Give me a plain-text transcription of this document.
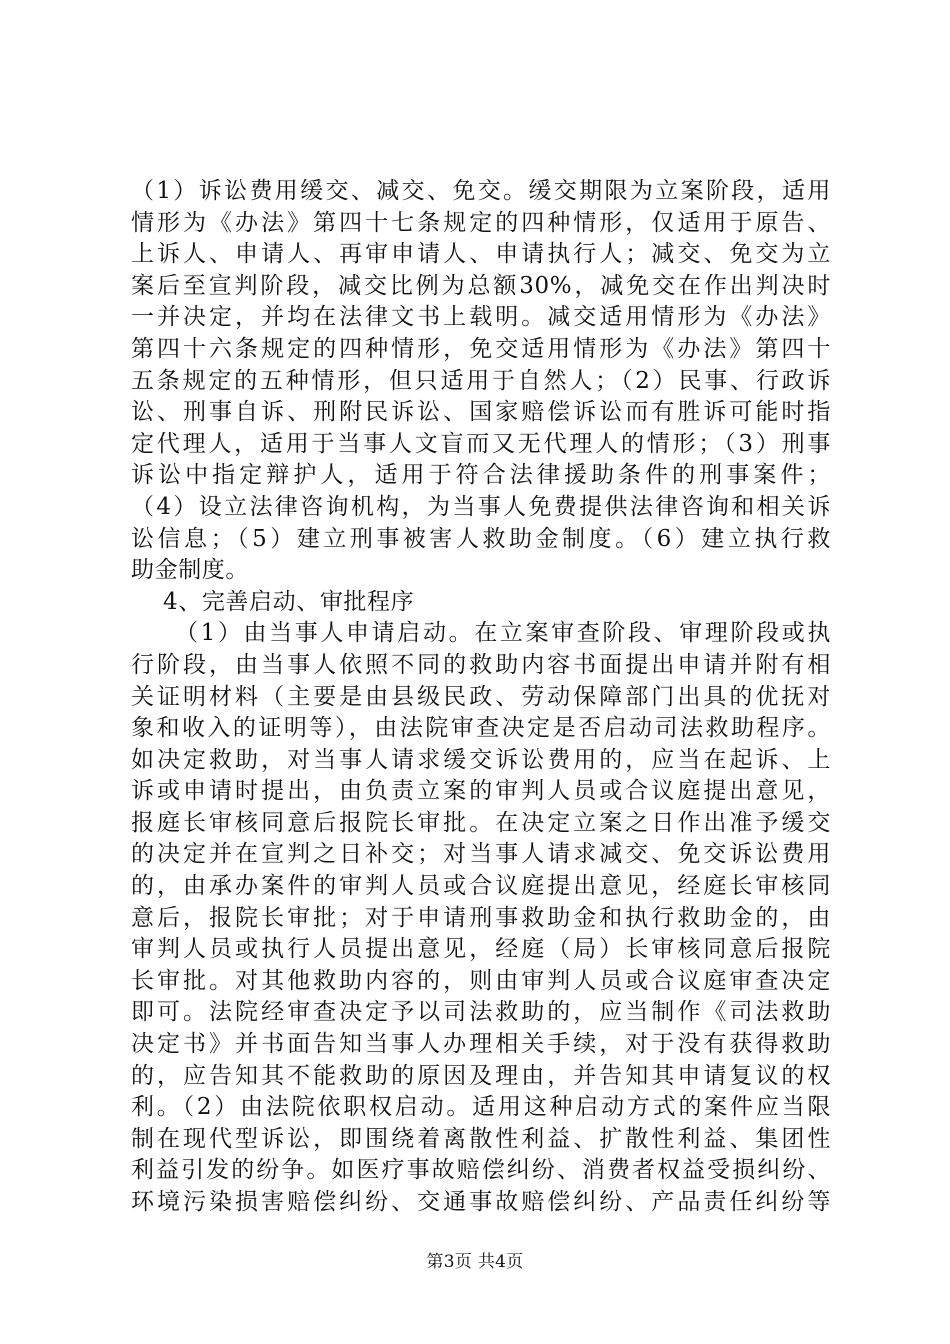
（1）诉讼费用缓交、减交、免交。缓交期限为立案阶段，适用
情形为《办法》第四十七条规定的四种情形，仅适用于原告、
上诉人、申请人、再审申请人、申请执行人；减交、免交为立
案后至宣判阶段，减交比例为总额30%，减免交在作出判决时
一并决定，并均在法律文书上载明。减交适用情形为《办法》
第四十六条规定的四种情形，免交适用情形为《办法》第四十
五条规定的五种情形，但只适用于自然人；（2）民事、行政诉
讼、刑事自诉、刑附民诉讼、国家赔偿诉讼而有胜诉可能时指
定代理人，适用于当事人文盲而又无代理人的情形；（3）刑事
诉讼中指定辩护人，适用于符合法律援助条件的刑事案件；
（4）设立法律咨询机构，为当事人免费提供法律咨询和相关诉
讼信息；（5）建立刑事被害人救助金制度。（6）建立执行救
助金制度。
4、完善启动、审批程序
（1）由当事人申请启动。在立案审查阶段、审理阶段或执
行阶段，由当事人依照不同的救助内容书面提出申请并附有相
关证明材料（主要是由县级民政、劳动保障部门出具的优抚对
象和收入的证明等），由法院审查决定是否启动司法救助程序。
如决定救助，对当事人请求缓交诉讼费用的，应当在起诉、上
诉或申请时提出，由负责立案的审判人员或合议庭提出意见，
报庭长审核同意后报院长审批。在决定立案之日作出准予缓交
的决定并在宣判之日补交；对当事人请求减交、免交诉讼费用
的，由承办案件的审判人员或合议庭提出意见，经庭长审核同
意后，报院长审批；对于申请刑事救助金和执行救助金的，由
审判人员或执行人员提出意见，经庭（局）长审核同意后报院
长审批。对其他救助内容的，则由审判人员或合议庭审查决定
即可。法院经审查决定予以司法救助的，应当制作《司法救助
决定书》并书面告知当事人办理相关手续，对于没有获得救助
的，应告知其不能救助的原因及理由，并告知其申请复议的权
利。（2）由法院依职权启动。适用这种启动方式的案件应当限
制在现代型诉讼，即围绕着离散性利益、扩散性利益、集团性
利益引发的纷争。如医疗事故赔偿纠纷、消费者权益受损纠纷、
环境污染损害赔偿纠纷、交通事故赔偿纠纷、产品责任纠纷等
第3页 共4页
